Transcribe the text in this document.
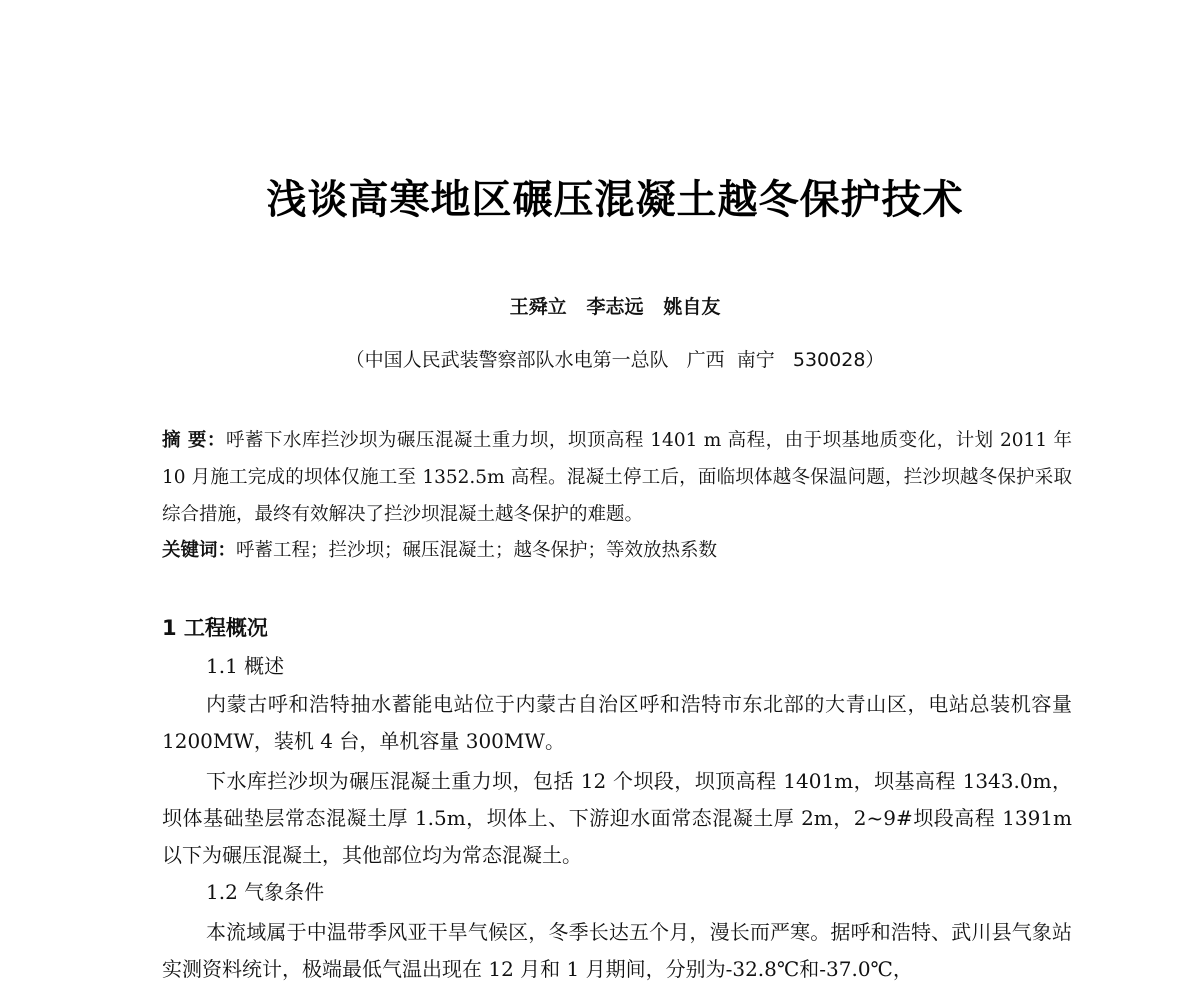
浅谈高寒地区碾压混凝土越冬保护技术
王舜立   李志远   姚自友
（中国人民武装警察部队水电第一总队   广西  南宁   530028）
摘 要：呼蓄下水库拦沙坝为碾压混凝土重力坝，坝顶高程 1401 m 高程，由于坝基地质变化，计划 2011 年 10 月施工完成的坝体仅施工至 1352.5m 高程。混凝土停工后，面临坝体越冬保温问题，拦沙坝越冬保护采取综合措施，最终有效解决了拦沙坝混凝土越冬保护的难题。
关键词：呼蓄工程；拦沙坝；碾压混凝土；越冬保护；等效放热系数
1 工程概况
1.1 概述
内蒙古呼和浩特抽水蓄能电站位于内蒙古自治区呼和浩特市东北部的大青山区，电站总装机容量 1200MW，装机 4 台，单机容量 300MW。
下水库拦沙坝为碾压混凝土重力坝，包括 12 个坝段，坝顶高程 1401m，坝基高程 1343.0m，坝体基础垫层常态混凝土厚 1.5m，坝体上、下游迎水面常态混凝土厚 2m，2~9#坝段高程 1391m 以下为碾压混凝土，其他部位均为常态混凝土。
1.2 气象条件
本流域属于中温带季风亚干旱气候区，冬季长达五个月，漫长而严寒。据呼和浩特、武川县气象站实测资料统计，极端最低气温出现在 12 月和 1 月期间，分别为-32.8℃和-37.0℃，
